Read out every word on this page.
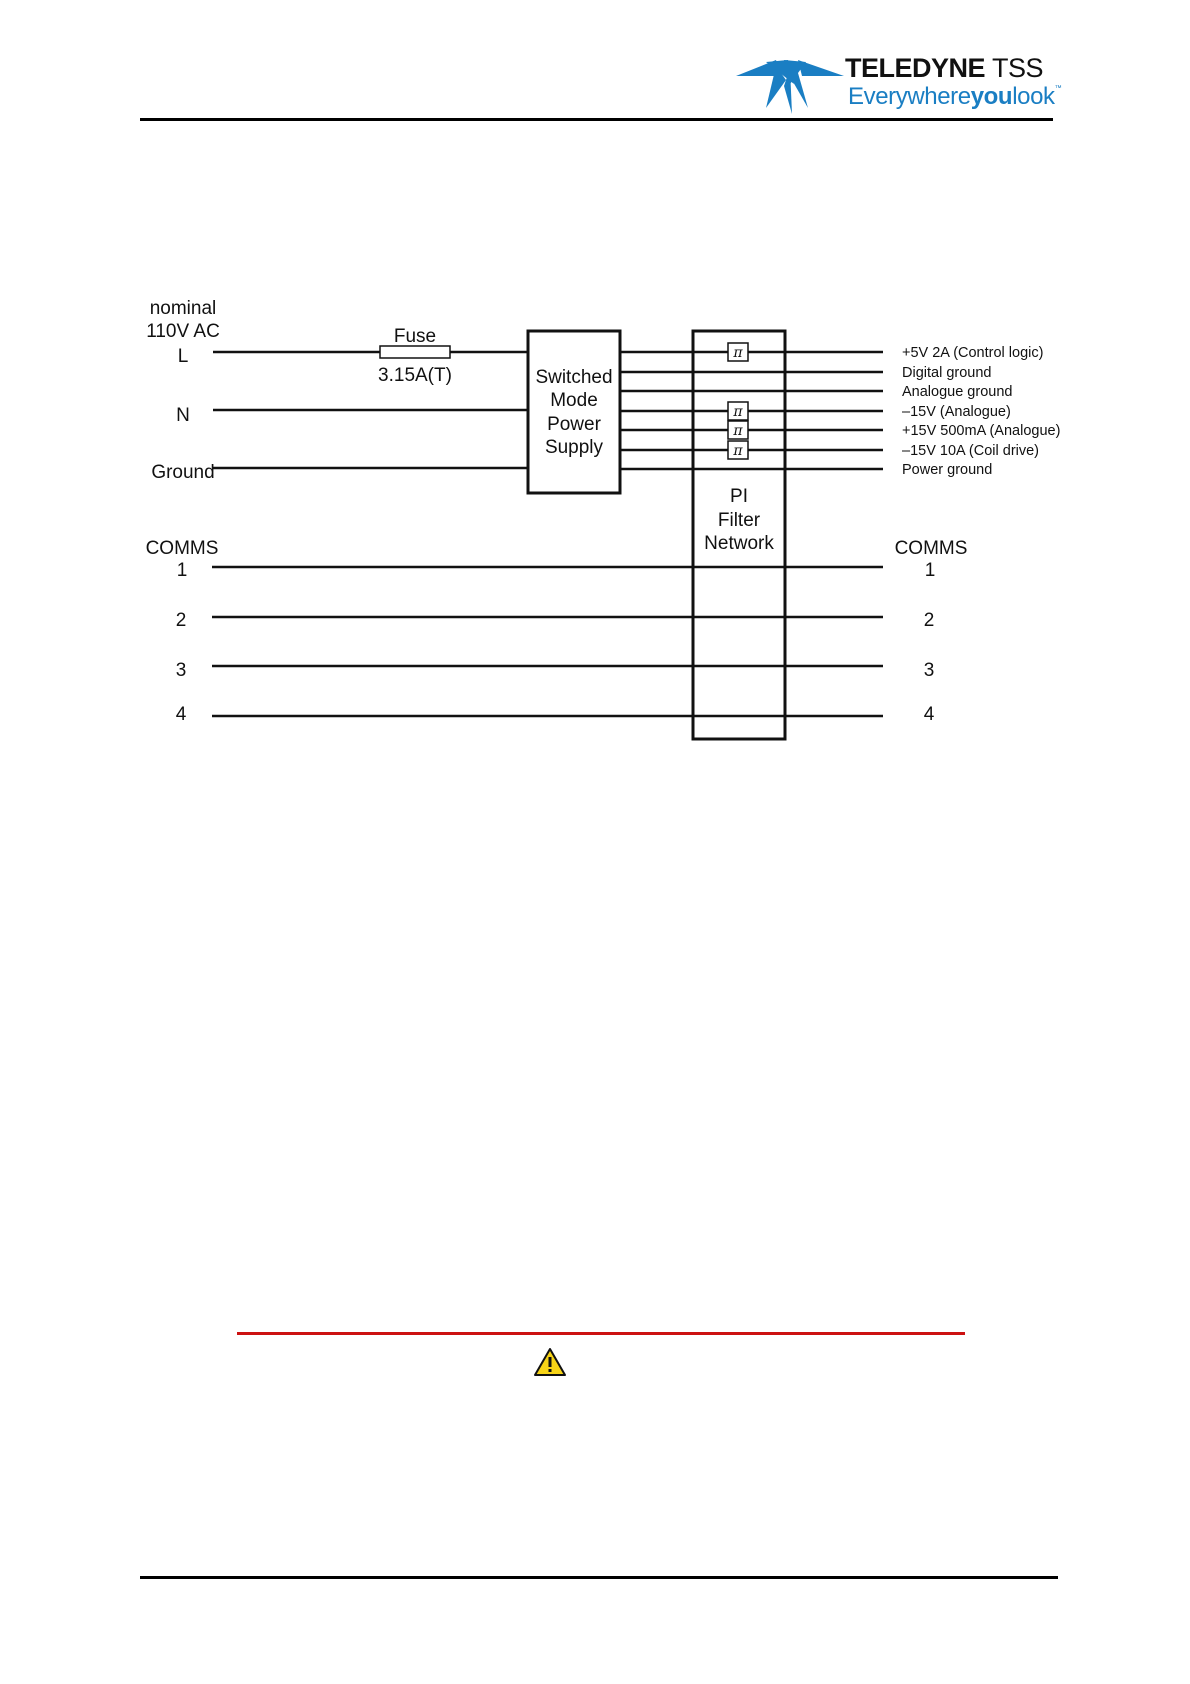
TELEDYNE TSS
Everywhereyoulook™
π
π
π
π
nominal
110V AC
L
N
Ground
Fuse
3.15A(T)	Switched
Mode
Power
Supply
PI
Filter
Network
+5V 2A (Control logic)
Digital ground
Analogue ground
–15V (Analogue)
+15V 500mA (Analogue)
–15V 10A (Coil drive)
Power ground
COMMS
1
2
3
4
COMMS
1
2
3
4
